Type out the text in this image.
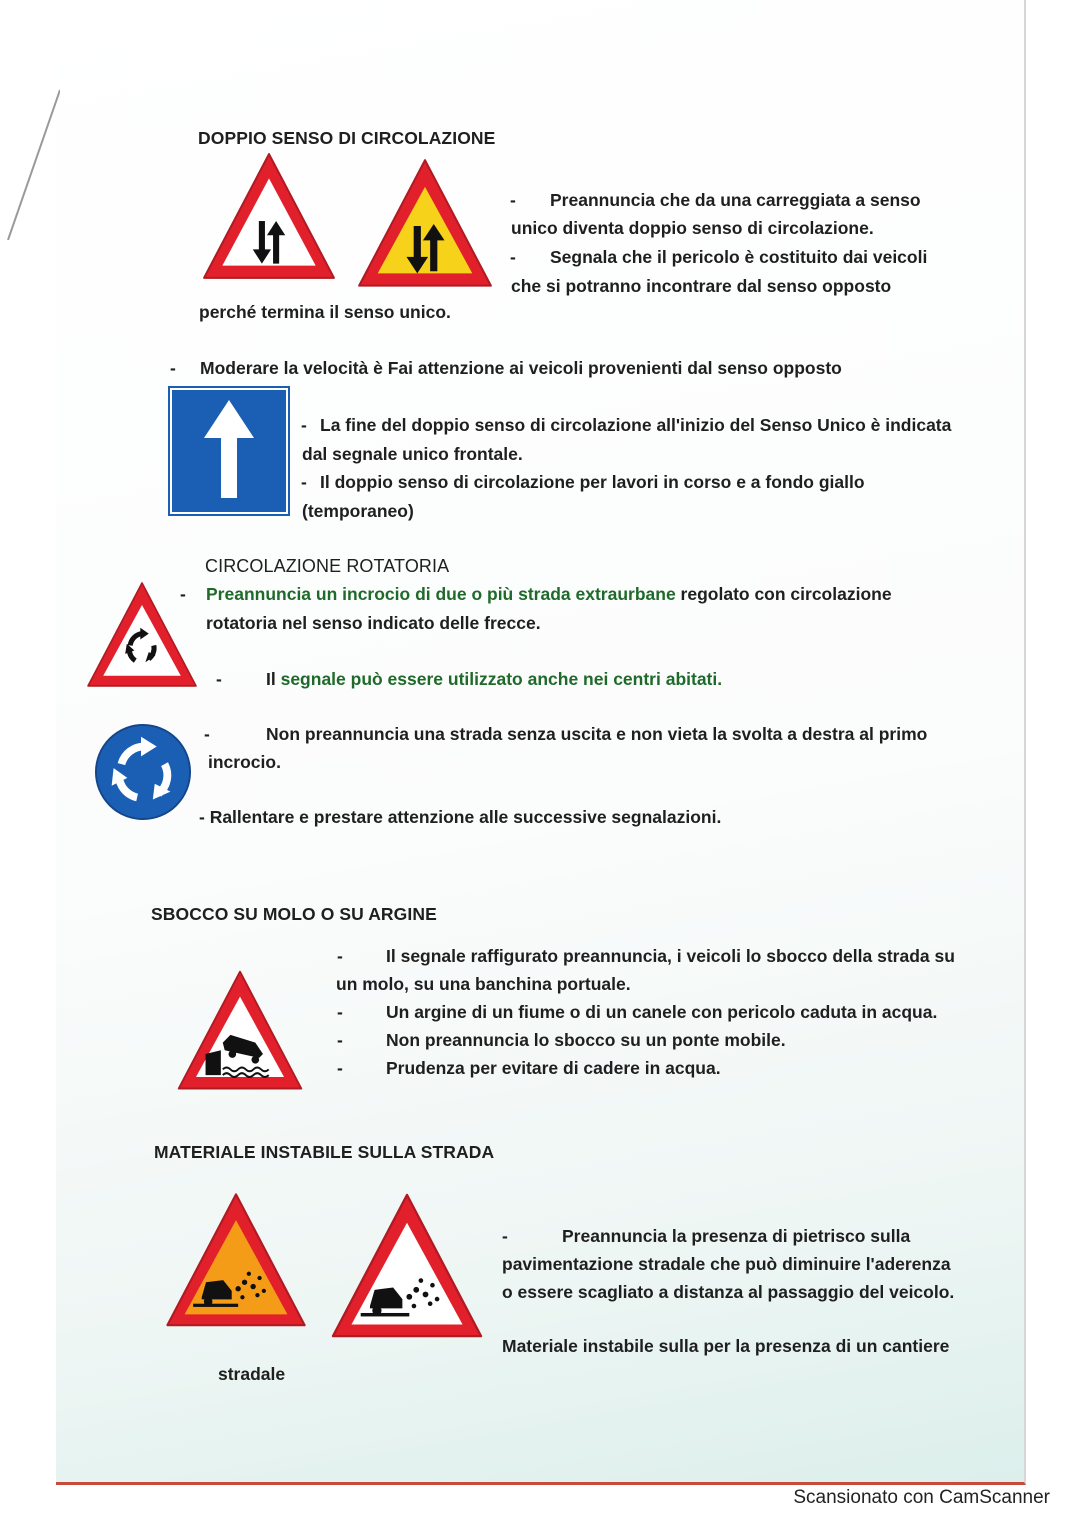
DOPPIO SENSO DI CIRCOLAZIONE
- Preannuncia che da una carreggiata a senso
unico diventa doppio senso di circolazione.
- Segnala che il pericolo è costituito dai veicoli
che si potranno incontrare dal senso opposto
perché termina il senso unico.
- Moderare la velocità è Fai attenzione ai veicoli provenienti dal senso opposto
- La fine del doppio senso di circolazione all'inizio del Senso Unico è indicata
dal segnale unico frontale.
- Il doppio senso di circolazione per lavori in corso e a fondo giallo
(temporaneo)
CIRCOLAZIONE ROTATORIA
- Preannuncia un incrocio di due o più strada extraurbane regolato con circolazione
rotatoria nel senso indicato delle frecce.
-	Il segnale può essere utilizzato anche nei centri abitati.
-	Non preannuncia una strada senza uscita e non vieta la svolta a destra al primo
incrocio.
- Rallentare e prestare attenzione alle successive segnalazioni.
SBOCCO SU MOLO O SU ARGINE
- Il segnale raffigurato preannuncia, i veicoli lo sbocco della strada su
un molo, su una banchina portuale.
- Un argine di un fiume o di un canele con pericolo caduta in acqua.
- Non preannuncia lo sbocco su un ponte mobile.
- Prudenza per evitare di cadere in acqua.
MATERIALE INSTABILE SULLA STRADA
-	Preannuncia la presenza di pietrisco sulla
pavimentazione stradale che può diminuire l'aderenza
o essere scagliato a distanza al passaggio del veicolo.
Materiale instabile sulla per la presenza di un cantiere
stradale
Scansionato con CamScanner
